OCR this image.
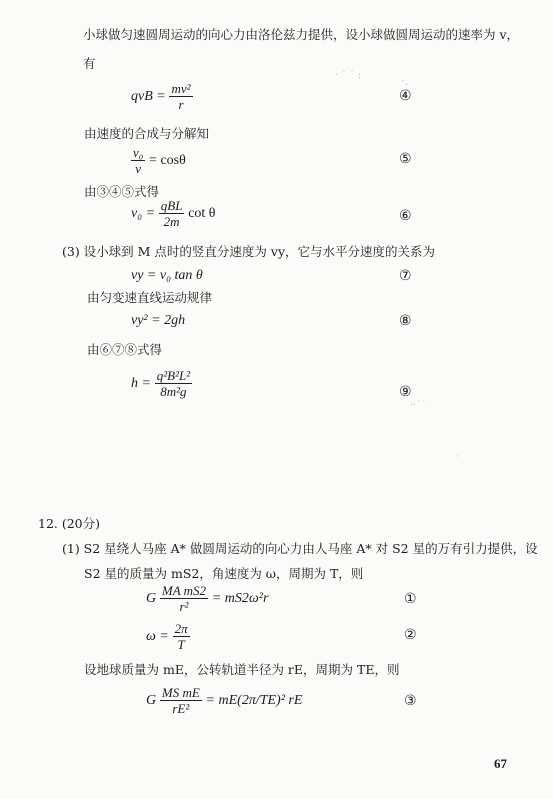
· ˙ ˙ :
˙·
··˙˙
˙
小球做匀速圆周运动的向心力由洛伦兹力提供，设小球做圆周运动的速率为 v，
有
qvB = $\frac{\text{mv²}}{r}$	④
由速度的合成与分解知
$\frac{\text{v₀}}{v} = \cos\theta$	⑤
由③④⑤式得
v₀ =
qBL
2m
cot θ	⑥
(3) 设小球到 M 点时的竖直分速度为 vy，它与水平分速度的关系为
vy = v₀ tan θ	⑦
由匀变速直线运动规律
vy² = 2gh	⑧
由⑥⑦⑧式得
$h = \frac{\text{q²B²L²}}{\text{8m²g}}$	⑨
12. (20分)
(1) S2 星绕人马座 A* 做圆周运动的向心力由人马座 A* 对 S2 星的万有引力提供，设
S2 星的质量为 mS2，角速度为 ω，周期为 T，则
G $\frac{\text{MA mS2}}{\text{r²}} = mS2\omega^2r$	①
$\omega = \frac{2\pi}{T}$	②
设地球质量为 mE，公转轨道半径为 rE，周期为 TE，则
G $\frac{\text{MS mE}}{\text{rE²}} = mE(2\pi/TE)^2$ rE	③
67
